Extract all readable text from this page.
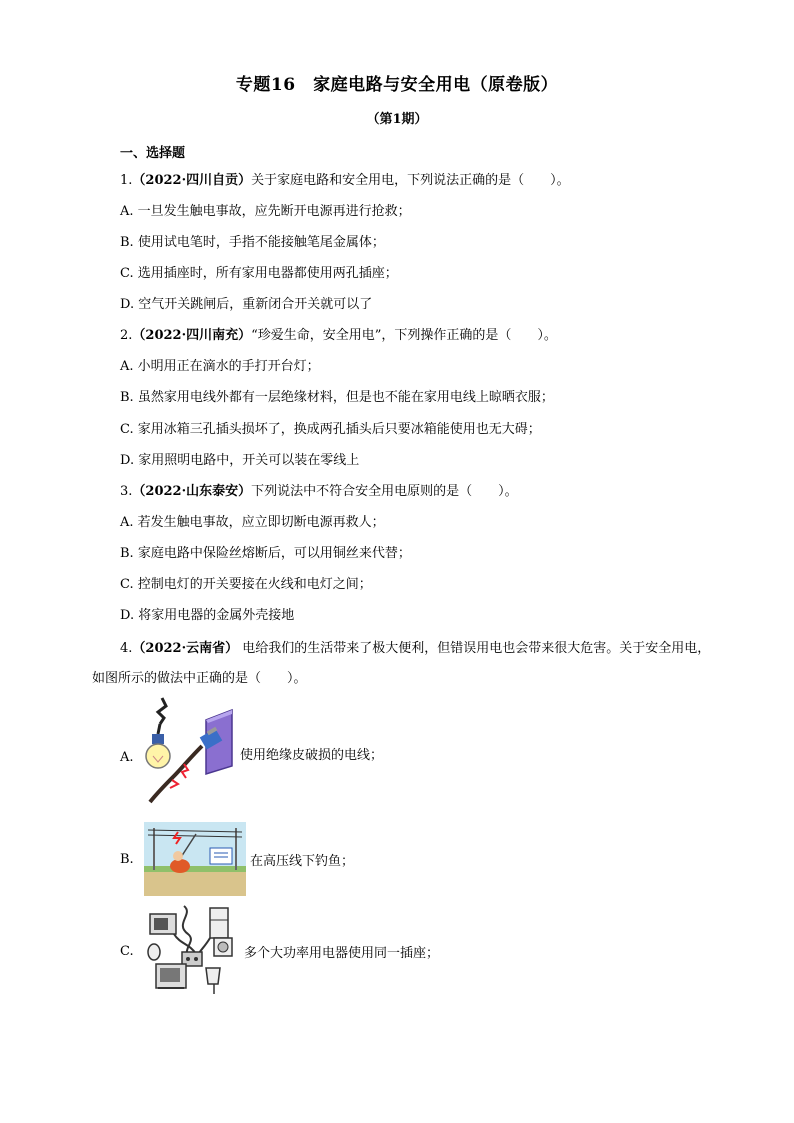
专题16　家庭电路与安全用电（原卷版）
（第1期）
一、选择题
1.（2022·四川自贡）关于家庭电路和安全用电，下列说法正确的是（　　）。
A. 一旦发生触电事故，应先断开电源再进行抢救；
B. 使用试电笔时，手指不能接触笔尾金属体；
C. 选用插座时，所有家用电器都使用两孔插座；
D. 空气开关跳闸后，重新闭合开关就可以了
2.（2022·四川南充）“珍爱生命，安全用电”，下列操作正确的是（　　）。
A. 小明用正在滴水的手打开台灯；
B. 虽然家用电线外都有一层绝缘材料，但是也不能在家用电线上晾晒衣服；
C. 家用冰箱三孔插头损坏了，换成两孔插头后只要冰箱能使用也无大碍；
D. 家用照明电路中，开关可以装在零线上
3.（2022·山东泰安）下列说法中不符合安全用电原则的是（　　）。
A. 若发生触电事故，应立即切断电源再救人；
B. 家庭电路中保险丝熔断后，可以用铜丝来代替；
C. 控制电灯的开关要接在火线和电灯之间；
D. 将家用电器的金属外壳接地
4.（2022·云南省） 电给我们的生活带来了极大便利，但错误用电也会带来很大危害。关于安全用电，如图所示的做法中正确的是（　　）。
A.	使用绝缘皮破损的电线；
B.	在高压线下钓鱼；
C.	多个大功率用电器使用同一插座；
